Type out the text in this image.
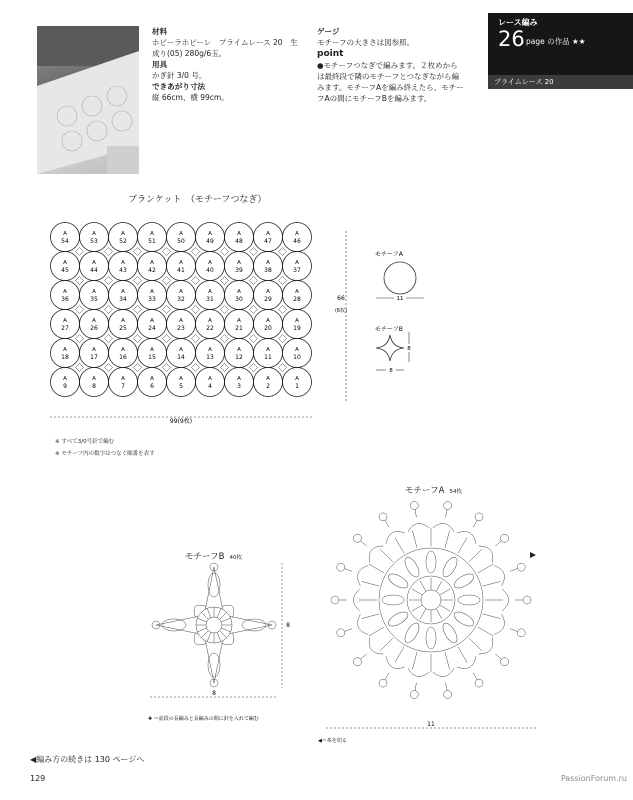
材料
ホビーラホビーレ　プライムレース 20　生
成り(05) 280g/6玉。
用具
かぎ針 3/0 号。
できあがり寸法
縦 66cm、横 99cm。
ゲージ
モチーフの大きさは図参照。
point
●モチーフつなぎで編みます。２枚めから
は最終段で隣のモチーフとつなぎながら編
みます。モチーフAを編み終えたら、モチー
フAの間にモチーフBを編みます。
レース編み
26 page の作品 ★★
プライムレース 20
ブランケット　（モチーフつなぎ）
A
54
A
53
A
52
A
51
A
50
A
49
A
48
A
47
A
46
A
45
A
44
A
43
A
42
A
41
A
40
A
39
A
38
A
37
A
36
A
35
A
34
A
33
A
32
A
31
A
30
A
29
A
28
A
27
A
26
A
25
A
24
A
23
A
22
A
21
A
20
A
19
A
18
A
17
A
16
A
15
A
14
A
13
A
12
A
11
A
10
A
9
A
8
A
7
A
6
A
5
A
4
A
3
A
2
A
1
99(9枚)
66
(6枚)
モチーフA
11
モチーフB
8
8
※ すべて3/0号針で編む
※ モチーフ内の数字はつなぐ順番を表す
モチーフA 54枚
11
◀＝糸を切る
モチーフB 40枚
8
8
✚ ＝前段の長編みと長編みの間に針を入れて編む
◀編み方の続きは 130 ページへ
129	PassionForum.ru
